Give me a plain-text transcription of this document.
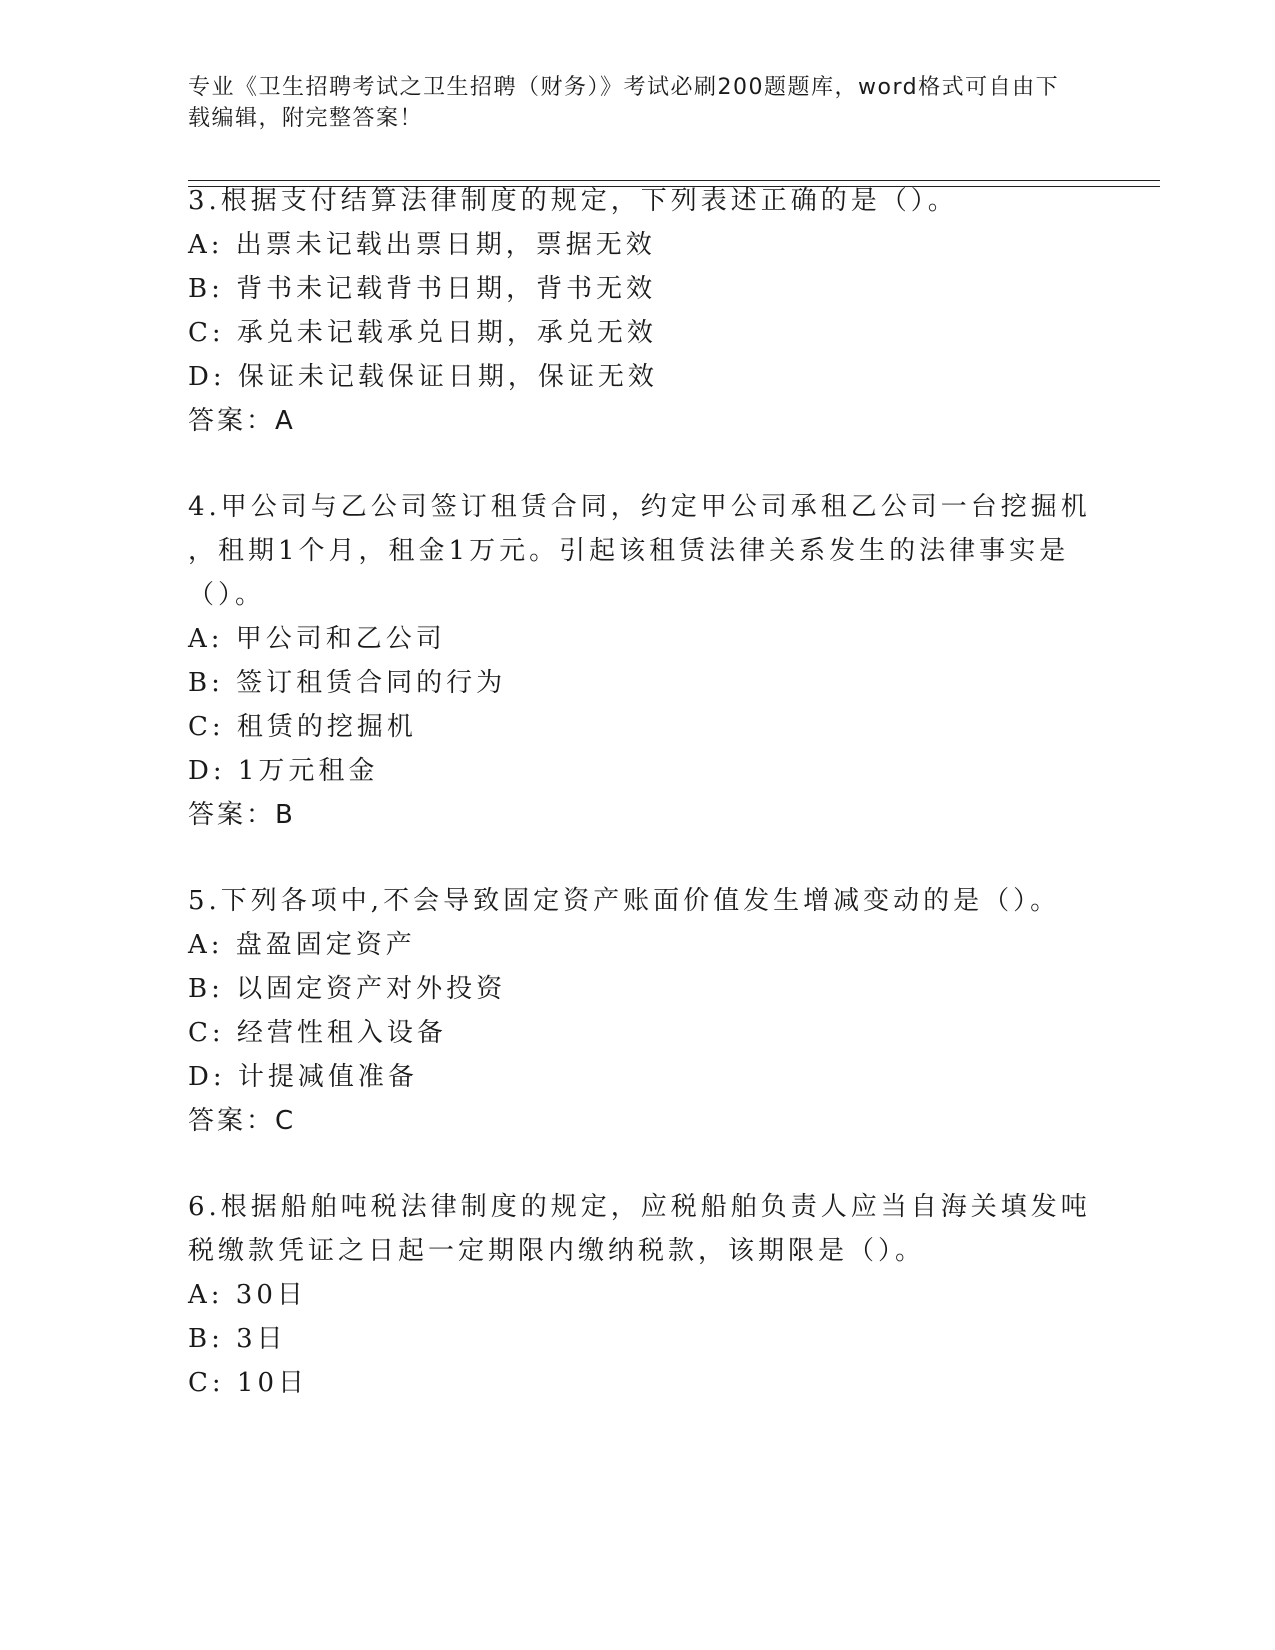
专业《卫生招聘考试之卫生招聘（财务）》考试必刷200题题库，word格式可自由下载编辑，附完整答案！
3.根据支付结算法律制度的规定，下列表述正确的是（）。
A: 出票未记载出票日期，票据无效
B: 背书未记载背书日期，背书无效
C: 承兑未记载承兑日期，承兑无效
D: 保证未记载保证日期，保证无效
答案：A
4.甲公司与乙公司签订租赁合同，约定甲公司承租乙公司一台挖掘机
，租期1个月，租金1万元。引起该租赁法律关系发生的法律事实是
（）。
A: 甲公司和乙公司
B: 签订租赁合同的行为
C: 租赁的挖掘机
D: 1万元租金
答案：B
5.下列各项中,不会导致固定资产账面价值发生增减变动的是（）。
A: 盘盈固定资产
B: 以固定资产对外投资
C: 经营性租入设备
D: 计提减值准备
答案：C
6.根据船舶吨税法律制度的规定，应税船舶负责人应当自海关填发吨
税缴款凭证之日起一定期限内缴纳税款，该期限是（）。
A: 30日
B: 3日
C: 10日
